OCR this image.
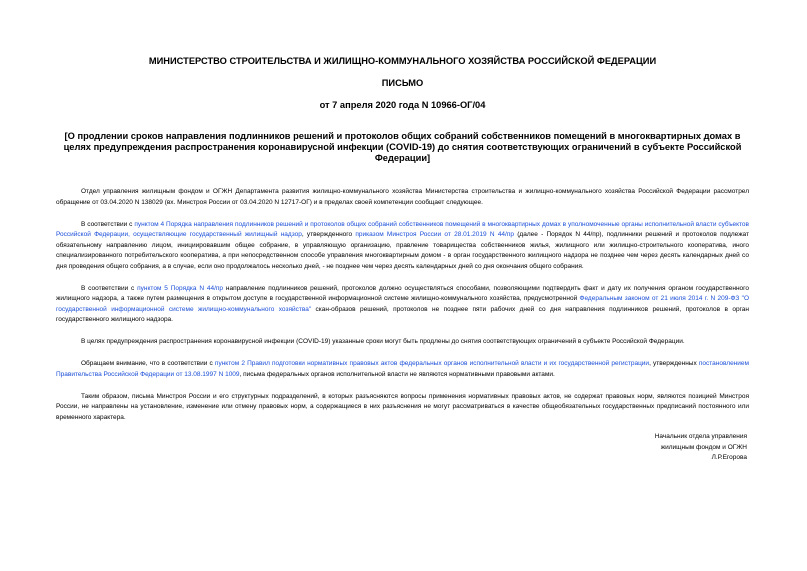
МИНИСТЕРСТВО СТРОИТЕЛЬСТВА И ЖИЛИЩНО-КОММУНАЛЬНОГО ХОЗЯЙСТВА РОССИЙСКОЙ ФЕДЕРАЦИИ
ПИСЬМО
от 7 апреля 2020 года N 10966-ОГ/04
[О продлении сроков направления подлинников решений и протоколов общих собраний собственников помещений в многоквартирных домах в целях предупреждения распространения коронавирусной инфекции (COVID-19) до снятия соответствующих ограничений в субъекте Российской Федерации]

Отдел управления жилищным фондом и ОГЖН Департамента развития жилищно-коммунального хозяйства Министерства строительства и жилищно-коммунального хозяйства Российской Федерации рассмотрел обращение от 03.04.2020 N 138029 (вх. Минстроя России от 03.04.2020 N 12717-ОГ) и в пределах своей компетенции сообщает следующее.

В соответствии с пунктом 4 Порядка направления подлинников решений и протоколов общих собраний собственников помещений в многоквартирных домах в уполномоченные органы исполнительной власти субъектов Российской Федерации, осуществляющие государственный жилищный надзор, утвержденного приказом Минстроя России от 28.01.2019 N 44/пр (далее - Порядок N 44/пр), подлинники решений и протоколов подлежат обязательному направлению лицом, инициировавшим общее собрание, в управляющую организацию, правление товарищества собственников жилья, жилищного или жилищно-строительного кооператива, иного специализированного потребительского кооператива, а при непосредственном способе управления многоквартирным домом - в орган государственного жилищного надзора не позднее чем через десять календарных дней со дня проведения общего собрания, а в случае, если оно продолжалось несколько дней, - не позднее чем через десять календарных дней со дня окончания общего собрания.

В соответствии с пунктом 5 Порядка N 44/пр направление подлинников решений, протоколов должно осуществляться способами, позволяющими подтвердить факт и дату их получения органом государственного жилищного надзора, а также путем размещения в открытом доступе в государственной информационной системе жилищно-коммунального хозяйства, предусмотренной Федеральным законом от 21 июля 2014 г. N 209-ФЗ "О государственной информационной системе жилищно-коммунального хозяйства" скан-образов решений, протоколов не позднее пяти рабочих дней со дня направления подлинников решений, протоколов в орган государственного жилищного надзора.

В целях предупреждения распространения коронавирусной инфекции (COVID-19) указанные сроки могут быть продлены до снятия соответствующих ограничений в субъекте Российской Федерации.

Обращаем внимание, что в соответствии с пунктом 2 Правил подготовки нормативных правовых актов федеральных органов исполнительной власти и их государственной регистрации, утвержденных постановлением Правительства Российской Федерации от 13.08.1997 N 1009, письма федеральных органов исполнительной власти не являются нормативными правовыми актами.

Таким образом, письма Минстроя России и его структурных подразделений, в которых разъясняются вопросы применения нормативных правовых актов, не содержат правовых норм, являются позицией Минстроя России, не направлены на установление, изменение или отмену правовых норм, а содержащиеся в них разъяснения не могут рассматриваться в качестве общеобязательных государственных предписаний постоянного или временного характера.

Начальник отдела управления
жилищным фондом и ОГЖН
Л.Р.Егорова
